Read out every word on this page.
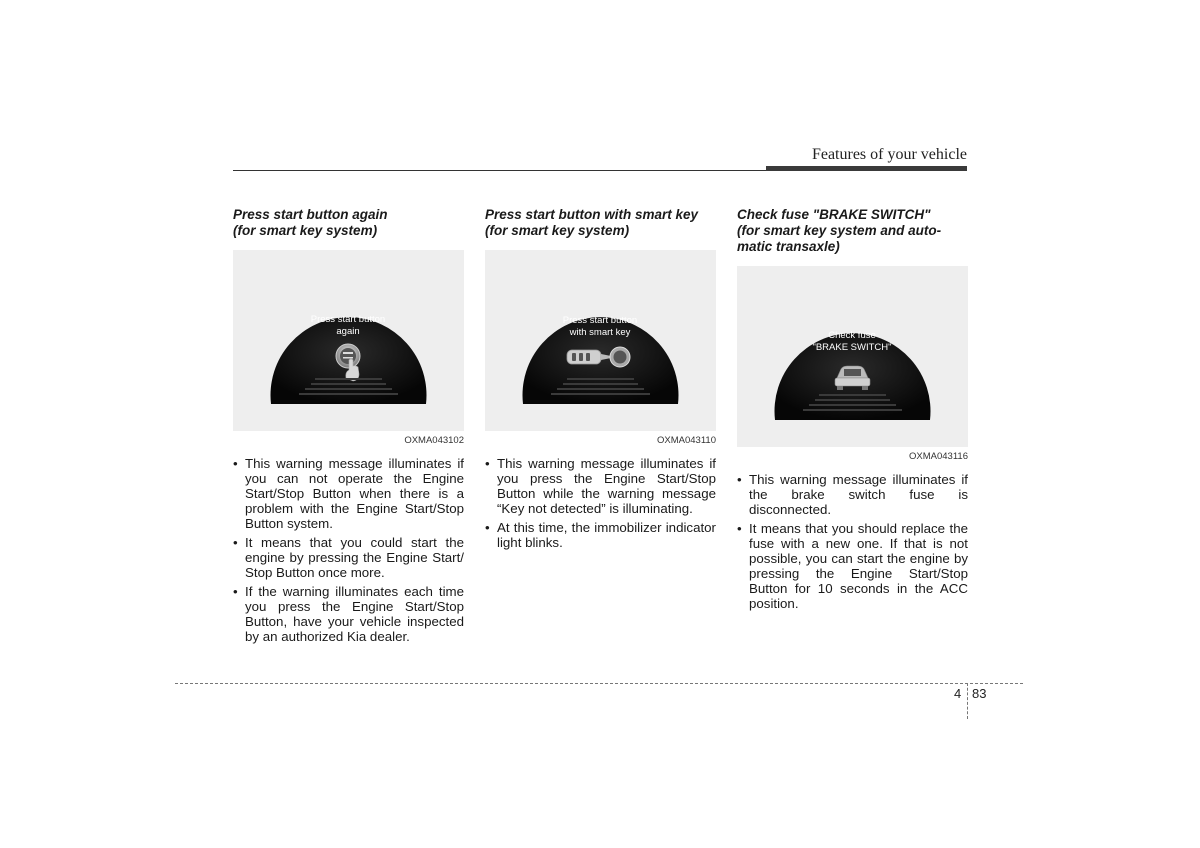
Features of your vehicle
Press start button again
(for smart key system)
Press start button
again
OXMA043102
• This warning message illuminates if you can not operate the Engine Start/Stop Button when there is a problem with the Engine Start/Stop Button system.
• It means that you could start the engine by pressing the Engine Start/ Stop Button once more.
• If the warning illuminates each time you press the Engine Start/Stop Button, have your vehicle inspected by an authorized Kia dealer.
Press start button with smart key
(for smart key system)
Press start button
with smart key
OXMA043110
• This warning message illuminates if you press the Engine Start/Stop Button while the warning message “Key not detected” is illuminating.
• At this time, the immobilizer indicator light blinks.
Check fuse "BRAKE SWITCH"
(for smart key system and auto-
matic transaxle)
Check fuse
"BRAKE SWITCH"
OXMA043116
• This warning message illuminates if the brake switch fuse is disconnected.
• It means that you should replace the fuse with a new one. If that is not possible, you can start the engine by pressing the Engine Start/Stop Button for 10 seconds in the ACC position.
4 83
